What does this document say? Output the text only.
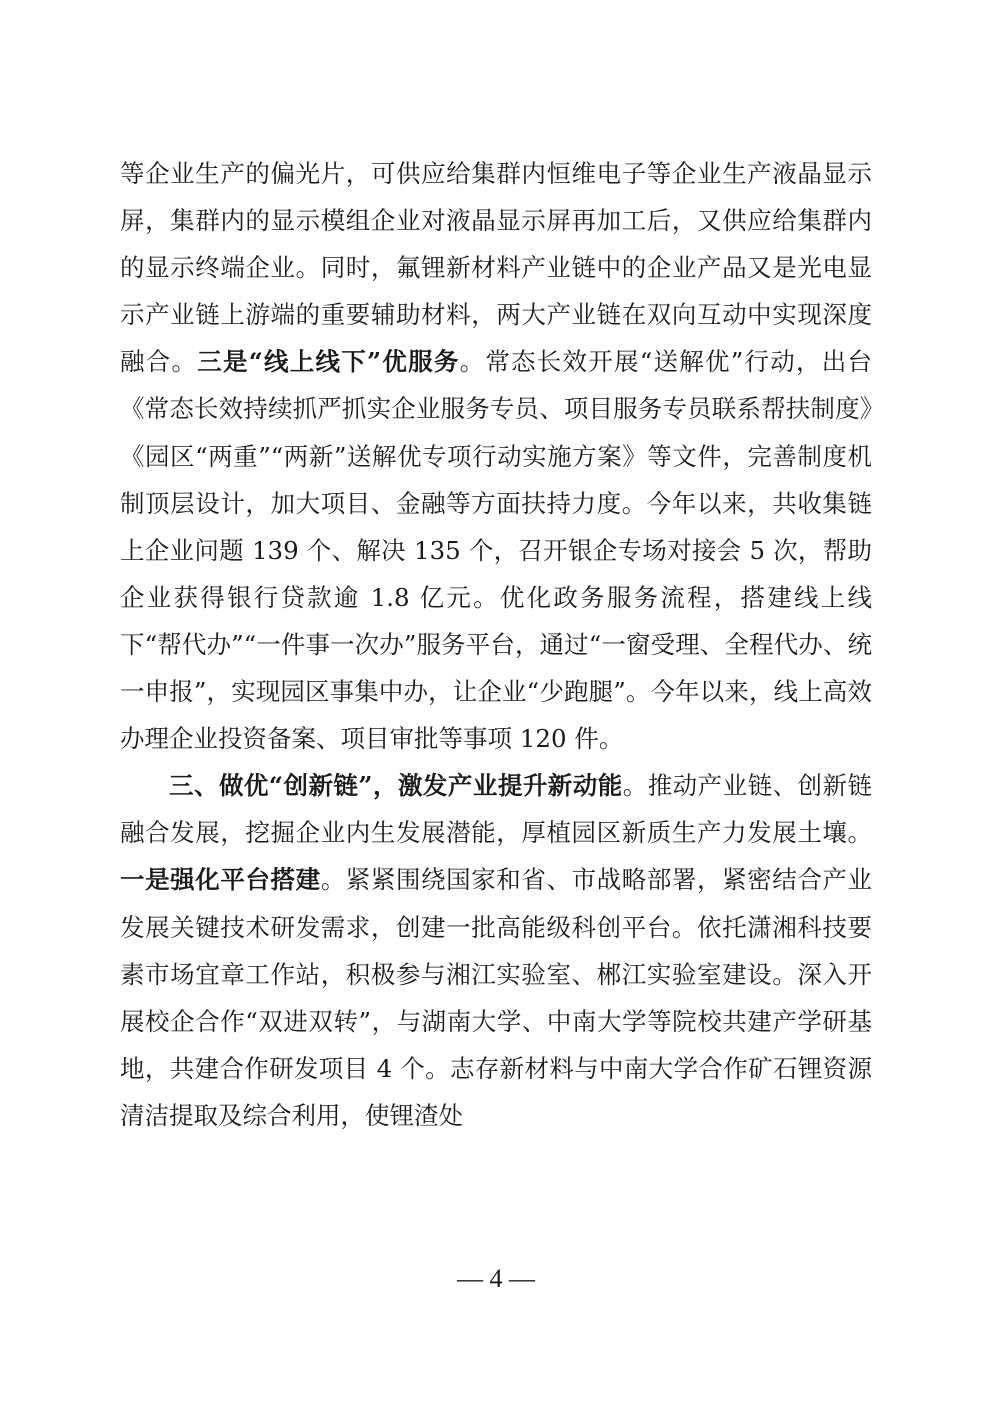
等企业生产的偏光片，可供应给集群内恒维电子等企业生产液晶显示屏，集群内的显示模组企业对液晶显示屏再加工后，又供应给集群内的显示终端企业。同时，氟锂新材料产业链中的企业产品又是光电显示产业链上游端的重要辅助材料，两大产业链在双向互动中实现深度融合。三是“线上线下”优服务。常态长效开展“送解优”行动，出台《常态长效持续抓严抓实企业服务专员、项目服务专员联系帮扶制度》《园区“两重”“两新”送解优专项行动实施方案》等文件，完善制度机制顶层设计，加大项目、金融等方面扶持力度。今年以来，共收集链上企业问题 139 个、解决 135 个，召开银企专场对接会 5 次，帮助企业获得银行贷款逾 1.8 亿元。优化政务服务流程，搭建线上线下“帮代办”“一件事一次办”服务平台，通过“一窗受理、全程代办、统一申报”，实现园区事集中办，让企业“少跑腿”。今年以来，线上高效办理企业投资备案、项目审批等事项 120 件。

三、做优“创新链”，激发产业提升新动能。推动产业链、创新链融合发展，挖掘企业内生发展潜能，厚植园区新质生产力发展土壤。一是强化平台搭建。紧紧围绕国家和省、市战略部署，紧密结合产业发展关键技术研发需求，创建一批高能级科创平台。依托潇湘科技要素市场宜章工作站，积极参与湘江实验室、郴江实验室建设。深入开展校企合作“双进双转”，与湖南大学、中南大学等院校共建产学研基地，共建合作研发项目 4 个。志存新材料与中南大学合作矿石锂资源清洁提取及综合利用，使锂渣处

— 4 —
